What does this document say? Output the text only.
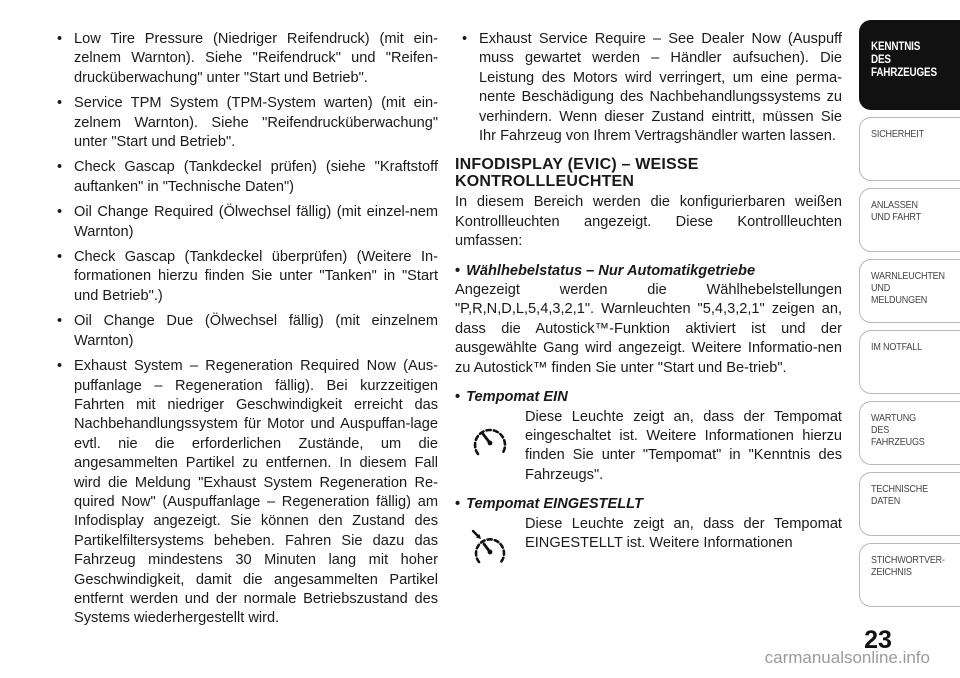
• Low Tire Pressure (Niedriger Reifendruck) (mit ein-zelnem Warnton). Siehe "Reifendruck" und "Reifen-drucküberwachung" unter "Start und Betrieb".
• Service TPM System (TPM-System warten) (mit ein-zelnem Warnton). Siehe "Reifendrucküberwachung" unter "Start und Betrieb".
• Check Gascap (Tankdeckel prüfen) (siehe "Kraftstoff auftanken" in "Technische Daten")
• Oil Change Required (Ölwechsel fällig) (mit einzel-nem Warnton)
• Check Gascap (Tankdeckel überprüfen) (Weitere In-formationen hierzu finden Sie unter "Tanken" in "Start und Betrieb".)
• Oil Change Due (Ölwechsel fällig) (mit einzelnem Warnton)
• Exhaust System – Regeneration Required Now (Aus-puffanlage – Regeneration fällig). Bei kurzzeitigen Fahrten mit niedriger Geschwindigkeit erreicht das Nachbehandlungssystem für Motor und Auspuffan-lage evtl. nie die erforderlichen Zustände, um die angesammelten Partikel zu entfernen. In diesem Fall wird die Meldung "Exhaust System Regeneration Re-quired Now" (Auspuffanlage – Regeneration fällig) am Infodisplay angezeigt. Sie können den Zustand des Partikelfiltersystems beheben. Fahren Sie dazu das Fahrzeug mindestens 30 Minuten lang mit hoher Geschwindigkeit, damit die angesammelten Partikel entfernt werden und der normale Betriebszustand des Systems wiederhergestellt wird.
• Exhaust Service Require – See Dealer Now (Auspuff muss gewartet werden – Händler aufsuchen). Die Leistung des Motors wird verringert, um eine perma-nente Beschädigung des Nachbehandlungssystems zu verhindern. Wenn dieser Zustand eintritt, müssen Sie Ihr Fahrzeug von Ihrem Vertragshändler warten lassen.
INFODISPLAY (EVIC) – WEISSE
KONTROLLLEUCHTEN

In diesem Bereich werden die konfigurierbaren weißen Kontrollleuchten angezeigt. Diese Kontrollleuchten umfassen:

• Wählhebelstatus – Nur Automatikgetriebe

Angezeigt werden die Wählhebelstellungen "P,R,N,D,L,5,4,3,2,1". Warnleuchten "5,4,3,2,1" zeigen an, dass die Autostick™-Funktion aktiviert ist und der ausgewählte Gang wird angezeigt. Weitere Informatio-nen zu Autostick™ finden Sie unter "Start und Be-trieb".

• Tempomat EIN
Diese Leuchte zeigt an, dass der Tempomat eingeschaltet ist. Weitere Informationen hierzu finden Sie unter "Tempomat" in "Kenntnis des Fahrzeugs".
• Tempomat EINGESTELLT
Diese Leuchte zeigt an, dass der Tempomat EINGESTELLT ist. Weitere Informationen
KENNTNIS
DES
FAHRZEUGES
SICHERHEIT
ANLASSEN
UND FAHRT
WARNLEUCHTEN
UND
MELDUNGEN
IM NOTFALL
WARTUNG
DES
FAHRZEUGS
TECHNISCHE
DATEN
STICHWORTVER-
ZEICHNIS
23
carmanualsonline.info
